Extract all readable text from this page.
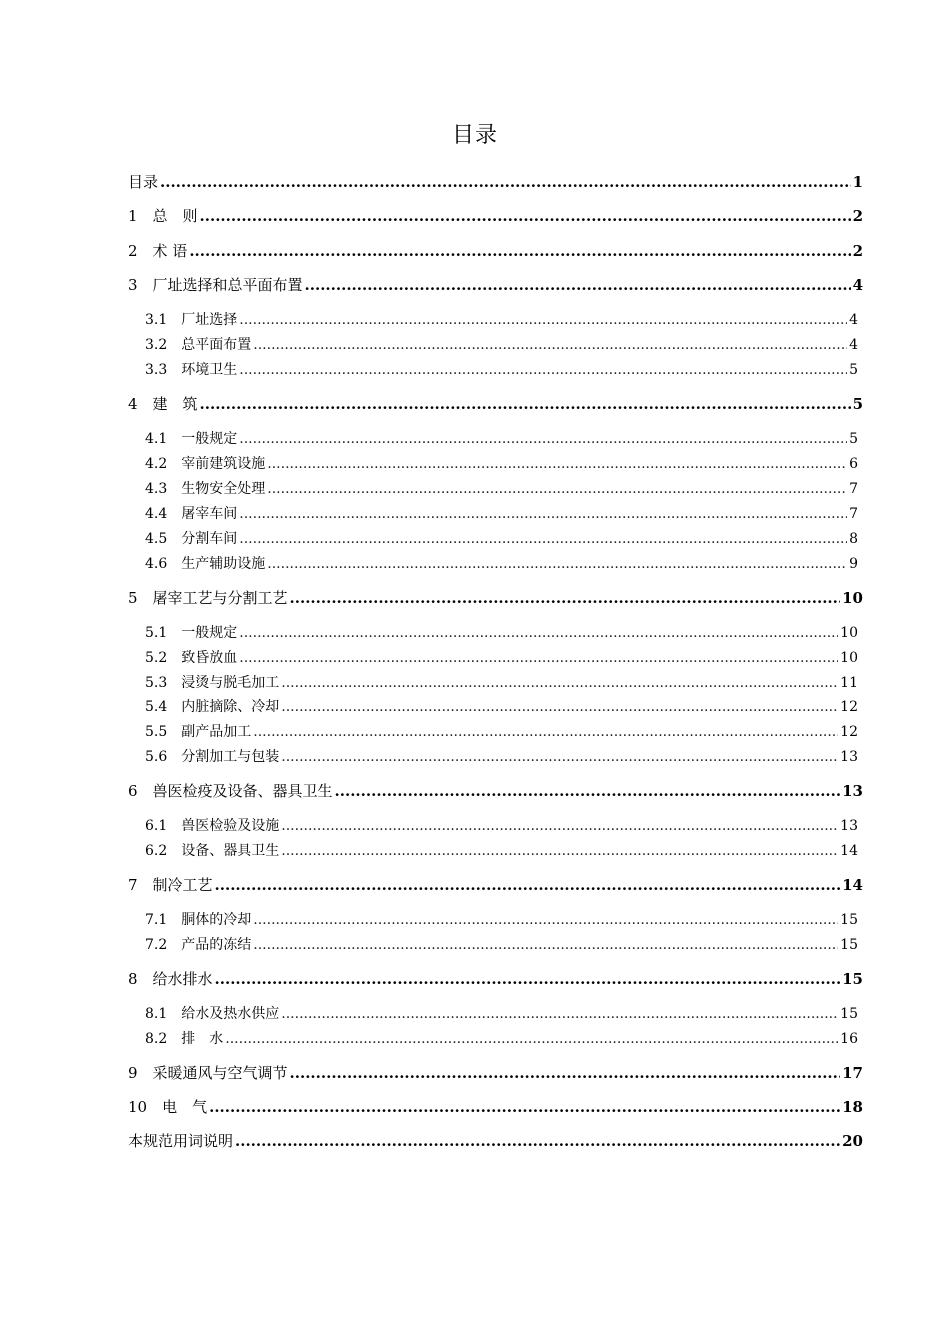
目录
目录 .....	1
1　总　则 .....	2
2　术 语 .....	2
3　厂址选择和总平面布置 .....	4
3.1　厂址选择 .....	4
3.2　总平面布置 .....	4
3.3　环境卫生 .....	5
4　建　筑 .....	5
4.1　一般规定 .....	5
4.2　宰前建筑设施 .....	6
4.3　生物安全处理 .....	7
4.4　屠宰车间 .....	7
4.5　分割车间 .....	8
4.6　生产辅助设施 .....	9
5　屠宰工艺与分割工艺 .....	10
5.1　一般规定 .....	10
5.2　致昏放血 .....	10
5.3　浸烫与脱毛加工 .....	11
5.4　内脏摘除、冷却 .....	12
5.5　副产品加工 .....	12
5.6　分割加工与包装 .....	13
6　兽医检疫及设备、器具卫生 .....	13
6.1　兽医检验及设施 .....	13
6.2　设备、器具卫生 .....	14
7　制冷工艺 .....	14
7.1　胴体的冷却 .....	15
7.2　产品的冻结 .....	15
8　给水排水 .....	15
8.1　给水及热水供应 .....	15
8.2　排　水 .....	16
9　采暖通风与空气调节 .....	17
10　电　气 .....	18
本规范用词说明 .....	20
